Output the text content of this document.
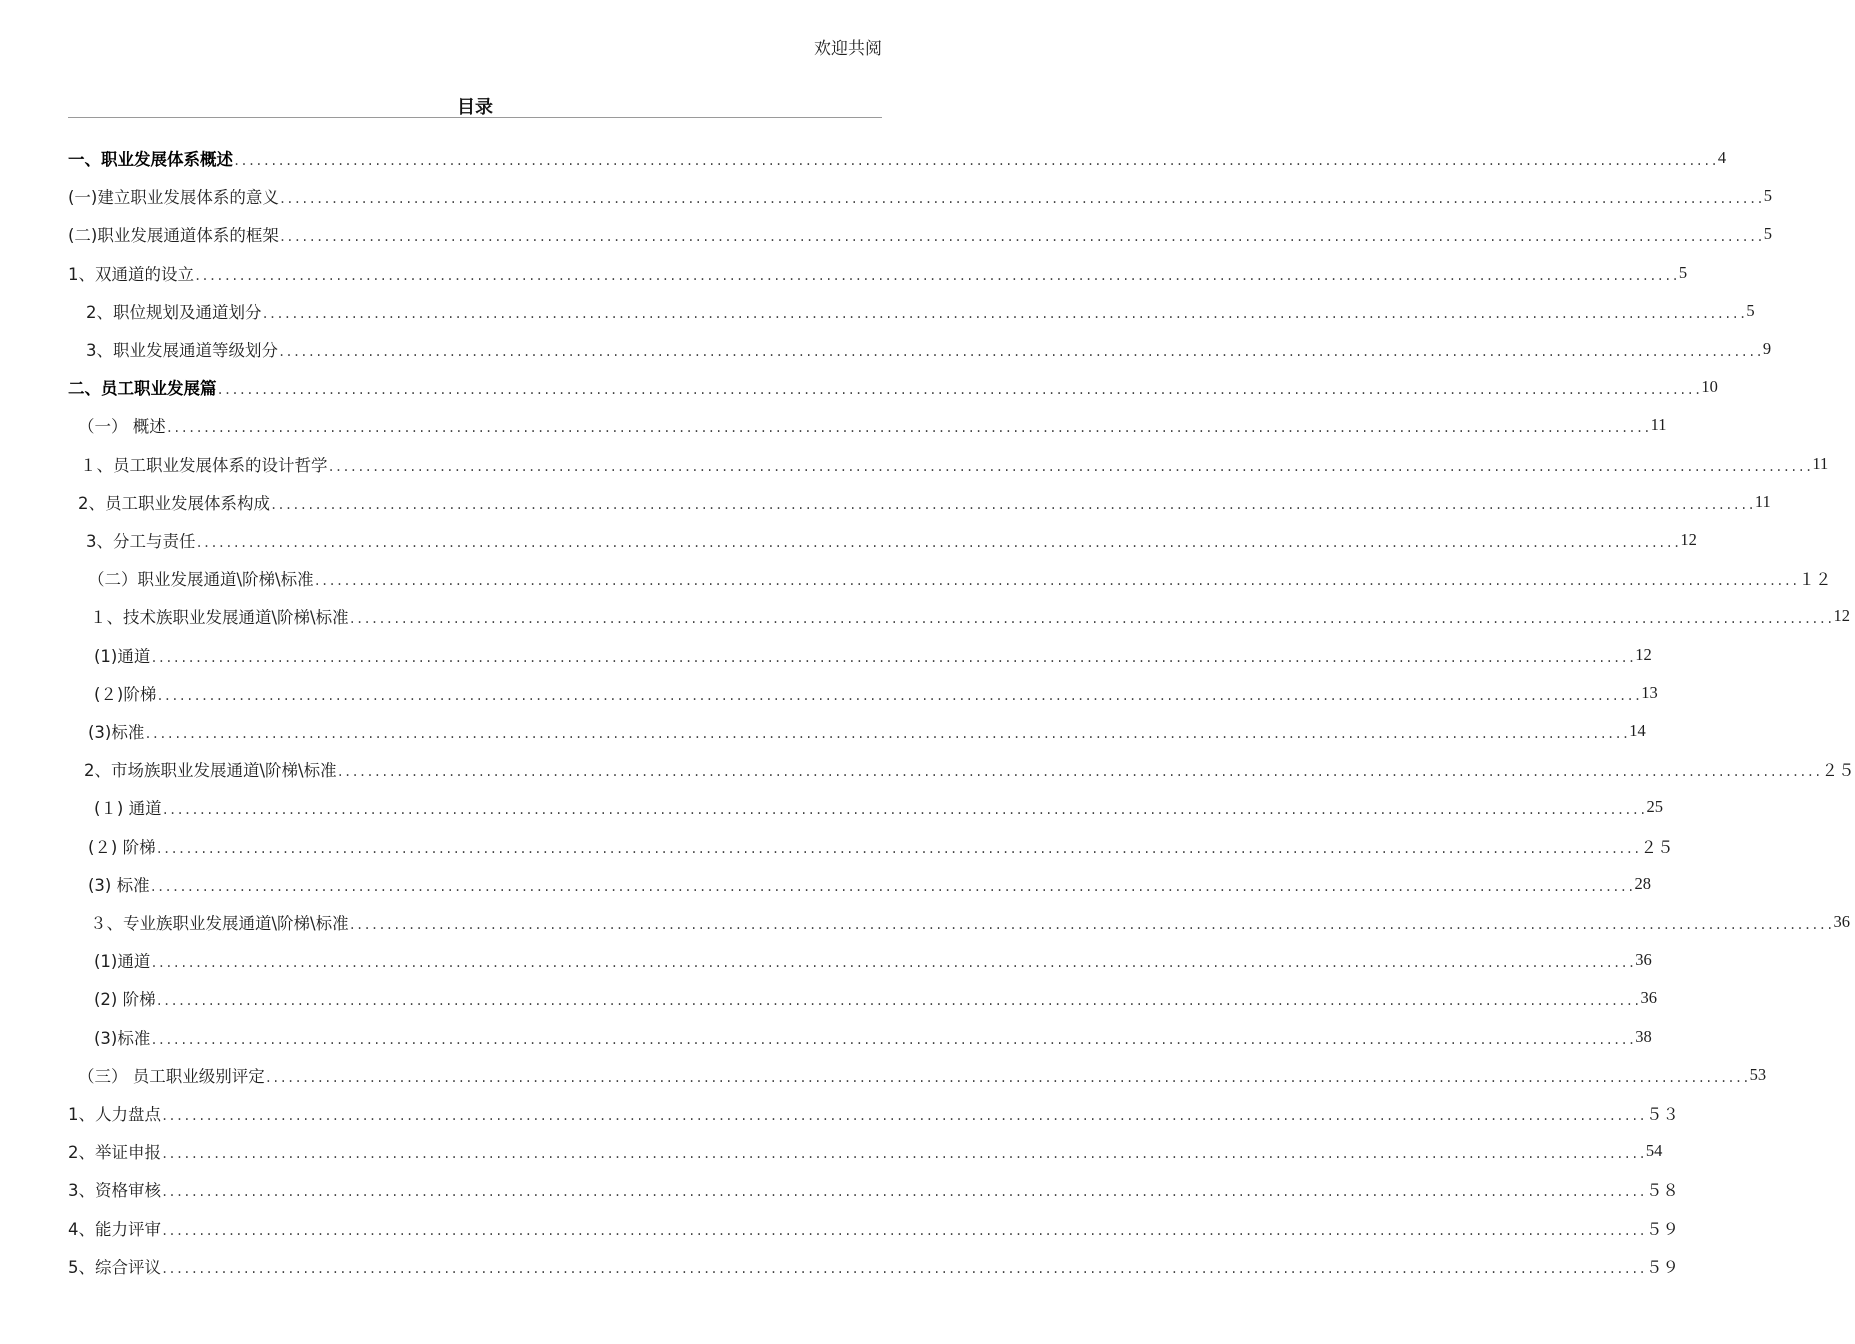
欢迎共阅
目录
一、职业发展体系概述 ........................................................................................................................................................................................................ 4
(一)建立职业发展体系的意义 ........................................................................................................................................................................................................ 5
(二)职业发展通道体系的框架 ........................................................................................................................................................................................................ 5
1、双通道的设立 ........................................................................................................................................................................................................ 5
2、职位规划及通道划分 ........................................................................................................................................................................................................ 5
3、职业发展通道等级划分 ........................................................................................................................................................................................................ 9
二、员工职业发展篇 ........................................................................................................................................................................................................ 10
（一） 概述 ........................................................................................................................................................................................................ 11
１、员工职业发展体系的设计哲学 ........................................................................................................................................................................................................ 11
2、员工职业发展体系构成 ........................................................................................................................................................................................................ 11
3、分工与责任 ........................................................................................................................................................................................................ 12
（二）职业发展通道\阶梯\标准 ........................................................................................................................................................................................................ １２
１、技术族职业发展通道\阶梯\标准 ........................................................................................................................................................................................................ 12
(1)通道 ........................................................................................................................................................................................................ 12
(２)阶梯 ........................................................................................................................................................................................................ 13
(3)标准 ........................................................................................................................................................................................................ 14
2、市场族职业发展通道\阶梯\标准 ........................................................................................................................................................................................................ ２５
(１) 通道 ........................................................................................................................................................................................................ 25
(２) 阶梯 ........................................................................................................................................................................................................ ２５
(3) 标准 ........................................................................................................................................................................................................ 28
３、专业族职业发展通道\阶梯\标准 ........................................................................................................................................................................................................ 36
(1)通道 ........................................................................................................................................................................................................ 36
(2) 阶梯 ........................................................................................................................................................................................................ 36
(3)标准 ........................................................................................................................................................................................................ 38
（三） 员工职业级别评定 ........................................................................................................................................................................................................ 53
1、人力盘点 ........................................................................................................................................................................................................ ５３
2、举证申报 ........................................................................................................................................................................................................ 54
3、资格审核 ........................................................................................................................................................................................................ ５８
4、能力评审 ........................................................................................................................................................................................................ ５９
5、综合评议 ........................................................................................................................................................................................................ ５９
